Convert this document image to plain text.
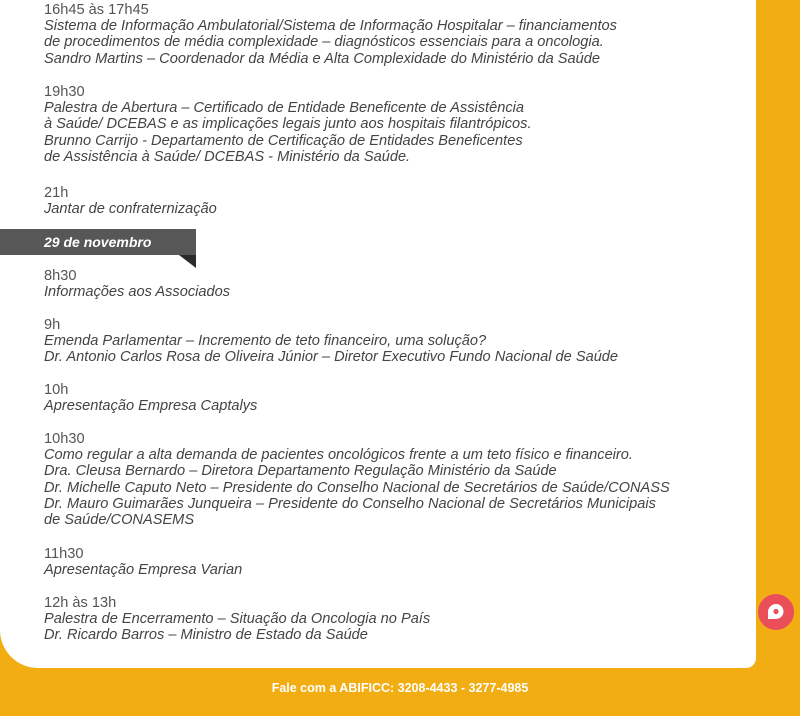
16h45 às 17h45
Sistema de Informação Ambulatorial/Sistema de Informação Hospitalar – financiamentos
de procedimentos de média complexidade – diagnósticos essenciais para a oncologia.
Sandro Martins – Coordenador da Média e Alta Complexidade do Ministério da Saúde
19h30
Palestra de Abertura – Certificado de Entidade Beneficente de Assistência
à Saúde/ DCEBAS e as implicações legais junto aos hospitais filantrópicos.
Brunno Carrijo - Departamento de Certificação de Entidades Beneficentes
de Assistência à Saúde/ DCEBAS - Ministério da Saúde.
21h
Jantar de confraternização
29 de novembro
8h30
Informações aos Associados
9h
Emenda Parlamentar – Incremento de teto financeiro, uma solução?
Dr. Antonio Carlos Rosa de Oliveira Júnior – Diretor Executivo Fundo Nacional de Saúde
10h
Apresentação Empresa Captalys
10h30
Como regular a alta demanda de pacientes oncológicos frente a um teto físico e financeiro.
Dra. Cleusa Bernardo – Diretora Departamento Regulação Ministério da Saúde
Dr. Michelle Caputo Neto – Presidente do Conselho Nacional de Secretários de Saúde/CONASS
Dr. Mauro Guimarães Junqueira – Presidente do Conselho Nacional de Secretários Municipais
de Saúde/CONASEMS
11h30
Apresentação Empresa Varian
12h às 13h
Palestra de Encerramento – Situação da Oncologia no País
Dr. Ricardo Barros – Ministro de Estado da Saúde
Fale com a ABIFICC: 3208-4433 - 3277-4985
